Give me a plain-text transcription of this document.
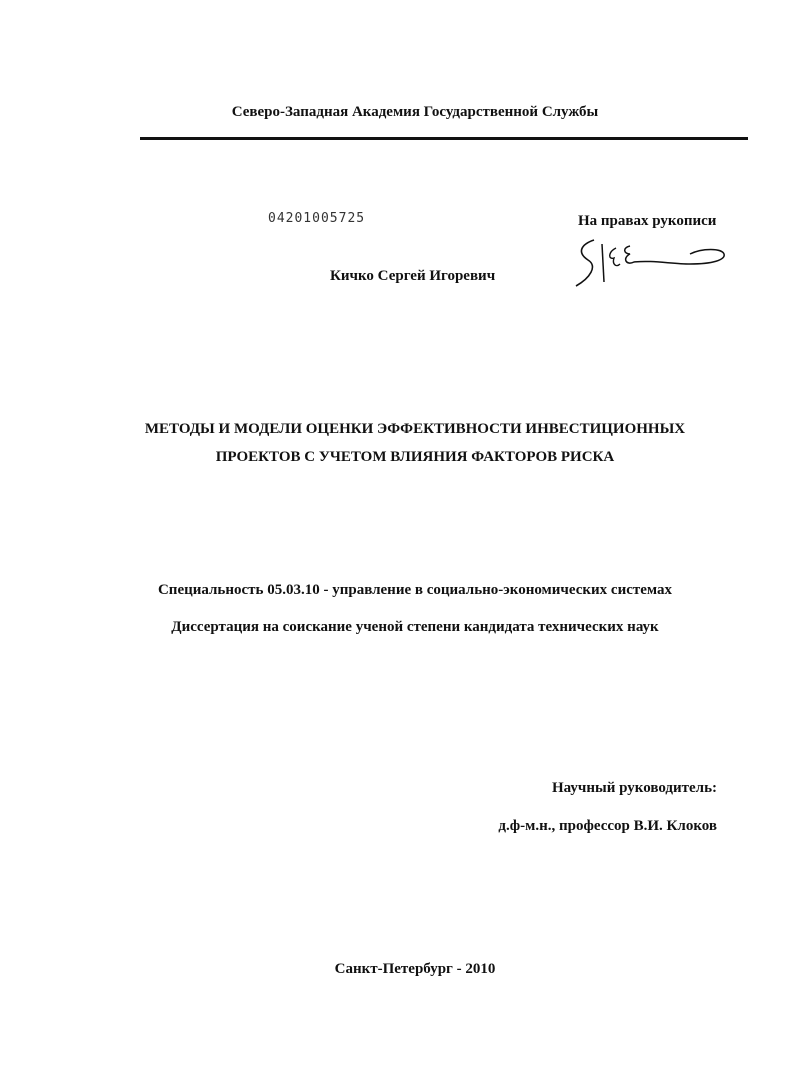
Северо-Западная Академия Государственной Службы
04201005725	На правах рукописи
Кичко Сергей Игоревич
МЕТОДЫ И МОДЕЛИ ОЦЕНКИ ЭФФЕКТИВНОСТИ ИНВЕСТИЦИОННЫХ
ПРОЕКТОВ С УЧЕТОМ ВЛИЯНИЯ ФАКТОРОВ РИСКА
Специальность 05.03.10 - управление в социально-экономических системах
Диссертация на соискание ученой степени кандидата технических наук
Научный руководитель:
д.ф-м.н., профессор В.И. Клоков
Санкт-Петербург - 2010
